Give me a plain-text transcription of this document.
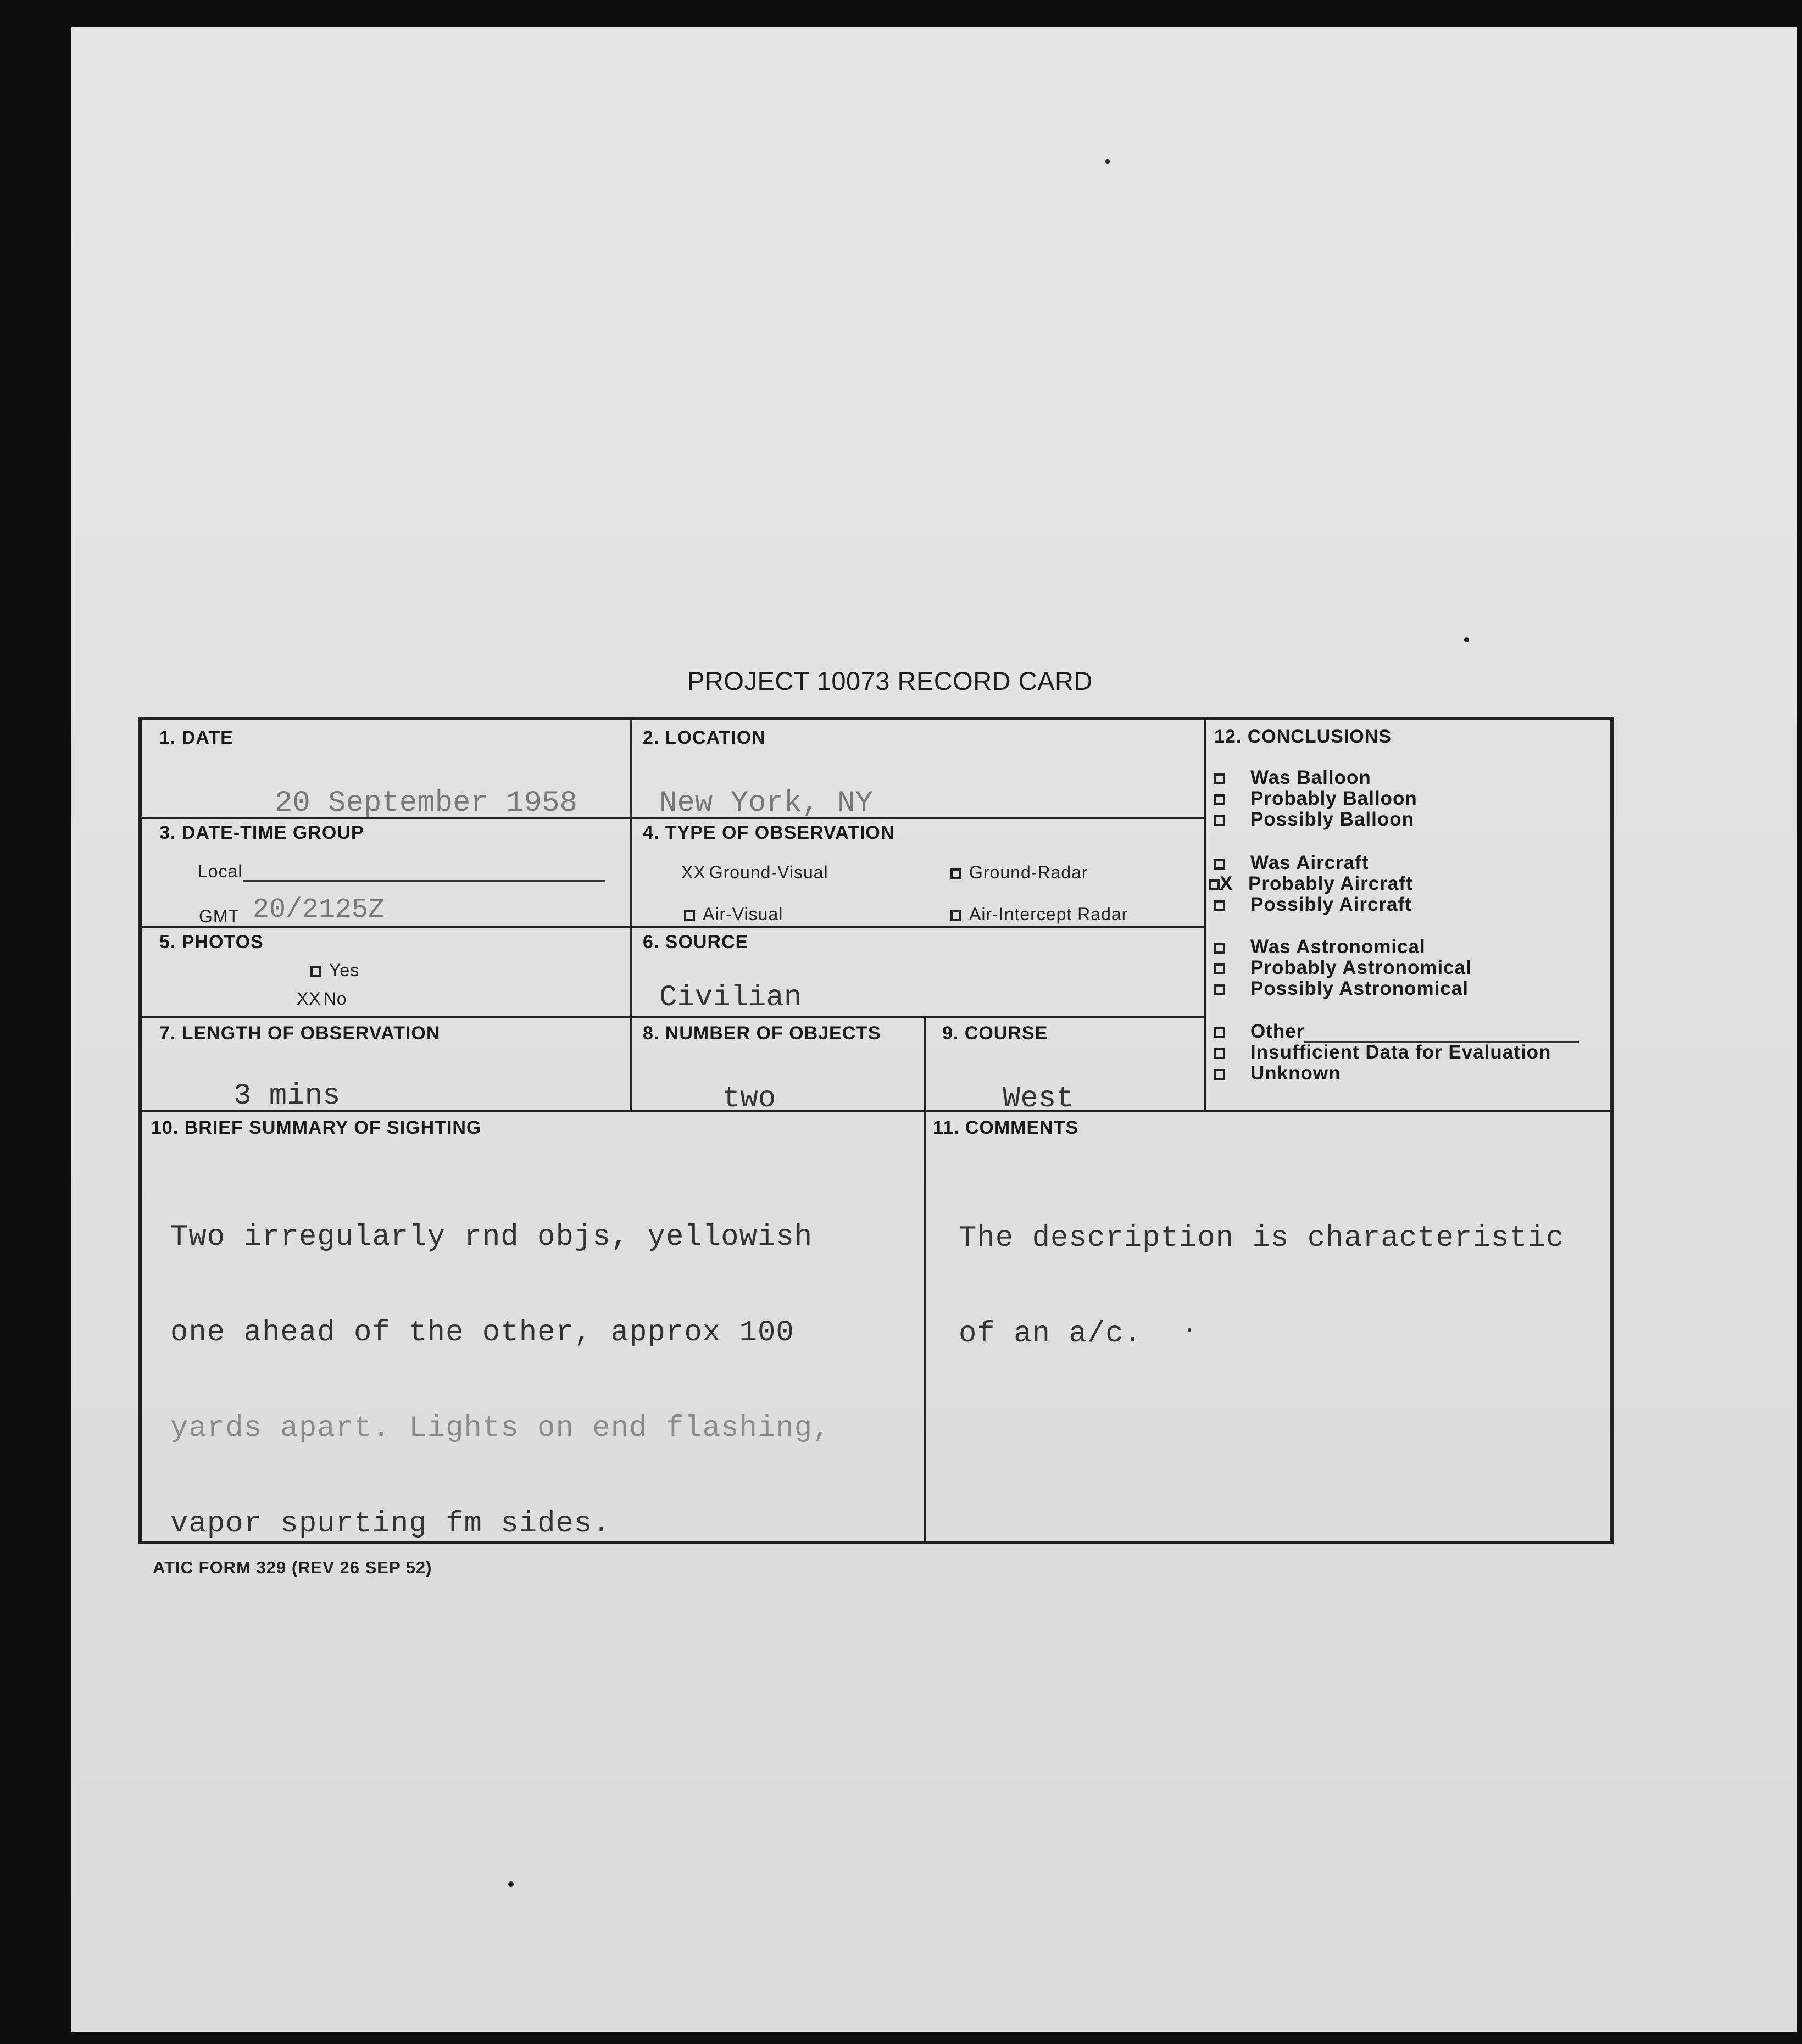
PROJECT 10073 RECORD CARD
1. DATE
20 September 1958
2. LOCATION
New York, NY
3. DATE-TIME GROUP
Local
GMT 20/2125Z
4. TYPE OF OBSERVATION
XX Ground-Visual	Ground-Radar
Air-Visual	Air-Intercept Radar
5. PHOTOS
Yes
XX No
6. SOURCE
Civilian
7. LENGTH OF OBSERVATION
3 mins
8. NUMBER OF OBJECTS
two
9. COURSE
West
10. BRIEF SUMMARY OF SIGHTING

Two irregularly rnd objs, yellowish

one ahead of the other, approx 100

yards apart. Lights on end flashing,

vapor spurting fm sides.

11. COMMENTS

The description is characteristic

of an a/c.

12. CONCLUSIONS
Was Balloon
Probably Balloon
Possibly Balloon
Was Aircraft
X Probably Aircraft
Possibly Aircraft
Was Astronomical
Probably Astronomical
Possibly Astronomical
Other
Insufficient Data for Evaluation
Unknown
ATIC FORM 329 (REV 26 SEP 52)
